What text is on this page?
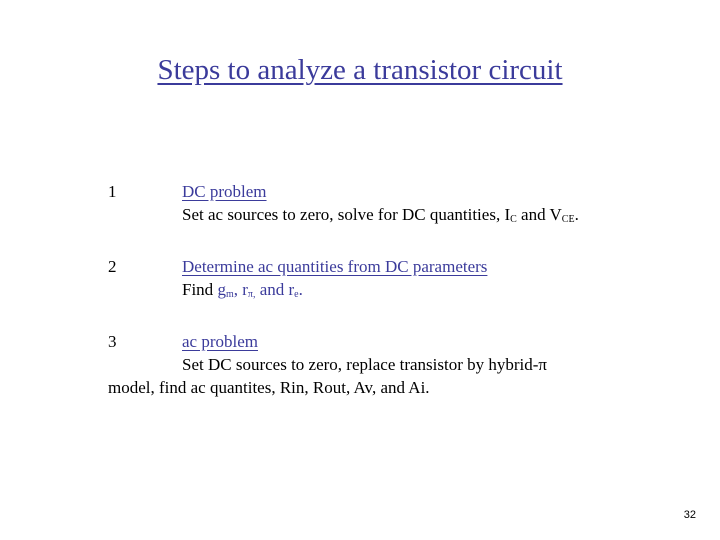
Steps to analyze a transistor circuit
1	DC problem
Set ac sources to zero, solve for DC quantities, $I_C$ and $V_{CE}$.
2	Determine ac quantities from DC parameters
Find $g_m$, $r_{\pi,}$ and $r_e$.
3	ac problem
Set DC sources to zero, replace transistor by hybrid-π
model, find ac quantites, Rin, Rout, Av, and Ai.
32
